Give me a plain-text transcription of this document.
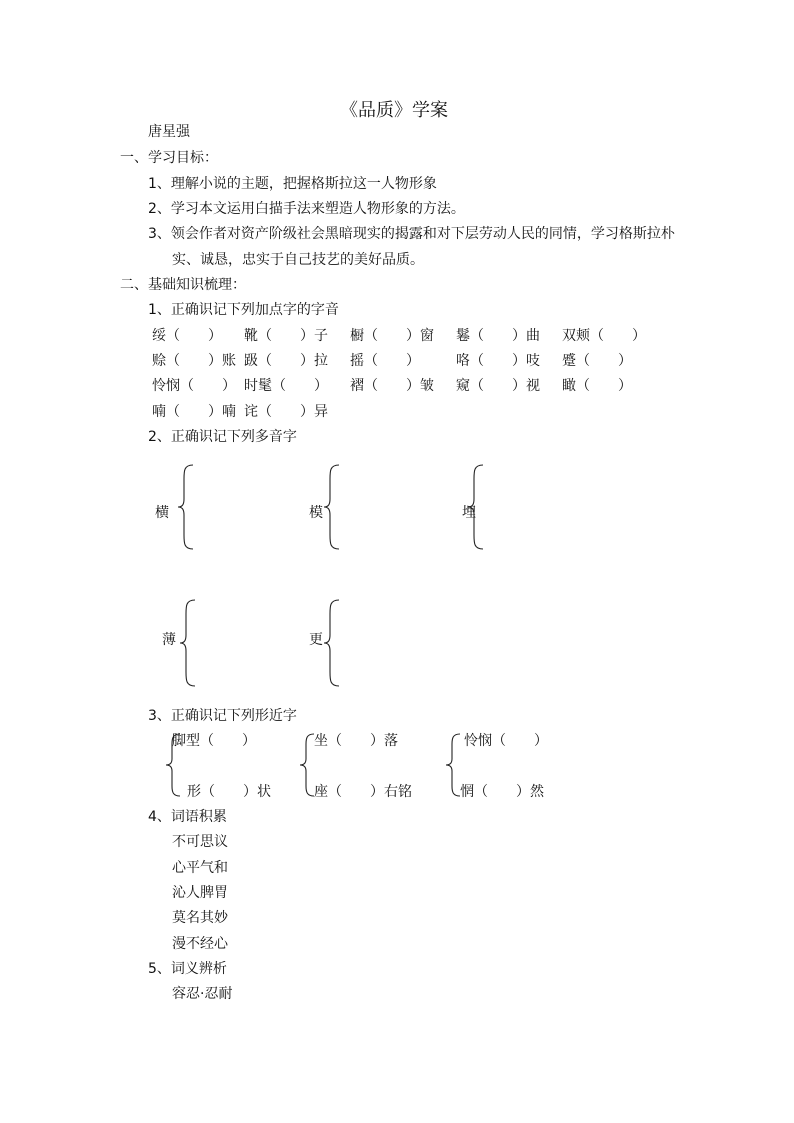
《品质》学案
唐星强
一、学习目标：
1、理解小说的主题，把握格斯拉这一人物形象
2、学习本文运用白描手法来塑造人物形象的方法。
3、领会作者对资产阶级社会黑暗现实的揭露和对下层劳动人民的同情，学习格斯拉朴
实、诚恳，忠实于自己技艺的美好品质。
二、基础知识梳理：
1、正确识记下列加点字的字音
绥（　　） 靴（　　）子 橱（　　）窗 鬈（　　）曲 双颊（　　）
赊（　　）账 趿（　　）拉 摇（　　）	咯（　　）吱 蹙（　　）
怜悯（　　） 时髦（　　） 褶（　　）皱 窥（　　）视 瞰（　　）
喃（　　）喃 诧（　　）异
2、正确识记下列多音字
横	模	埋
薄	更
3、正确识记下列形近字
脚型（　　）
形（　　）状
坐（　　）落
座（　　）右铭
怜悯（　　）
惘（　　）然
4、词语积累
不可思议
心平气和
沁人脾胃
莫名其妙
漫不经心
5、词义辨析
容忍·忍耐
